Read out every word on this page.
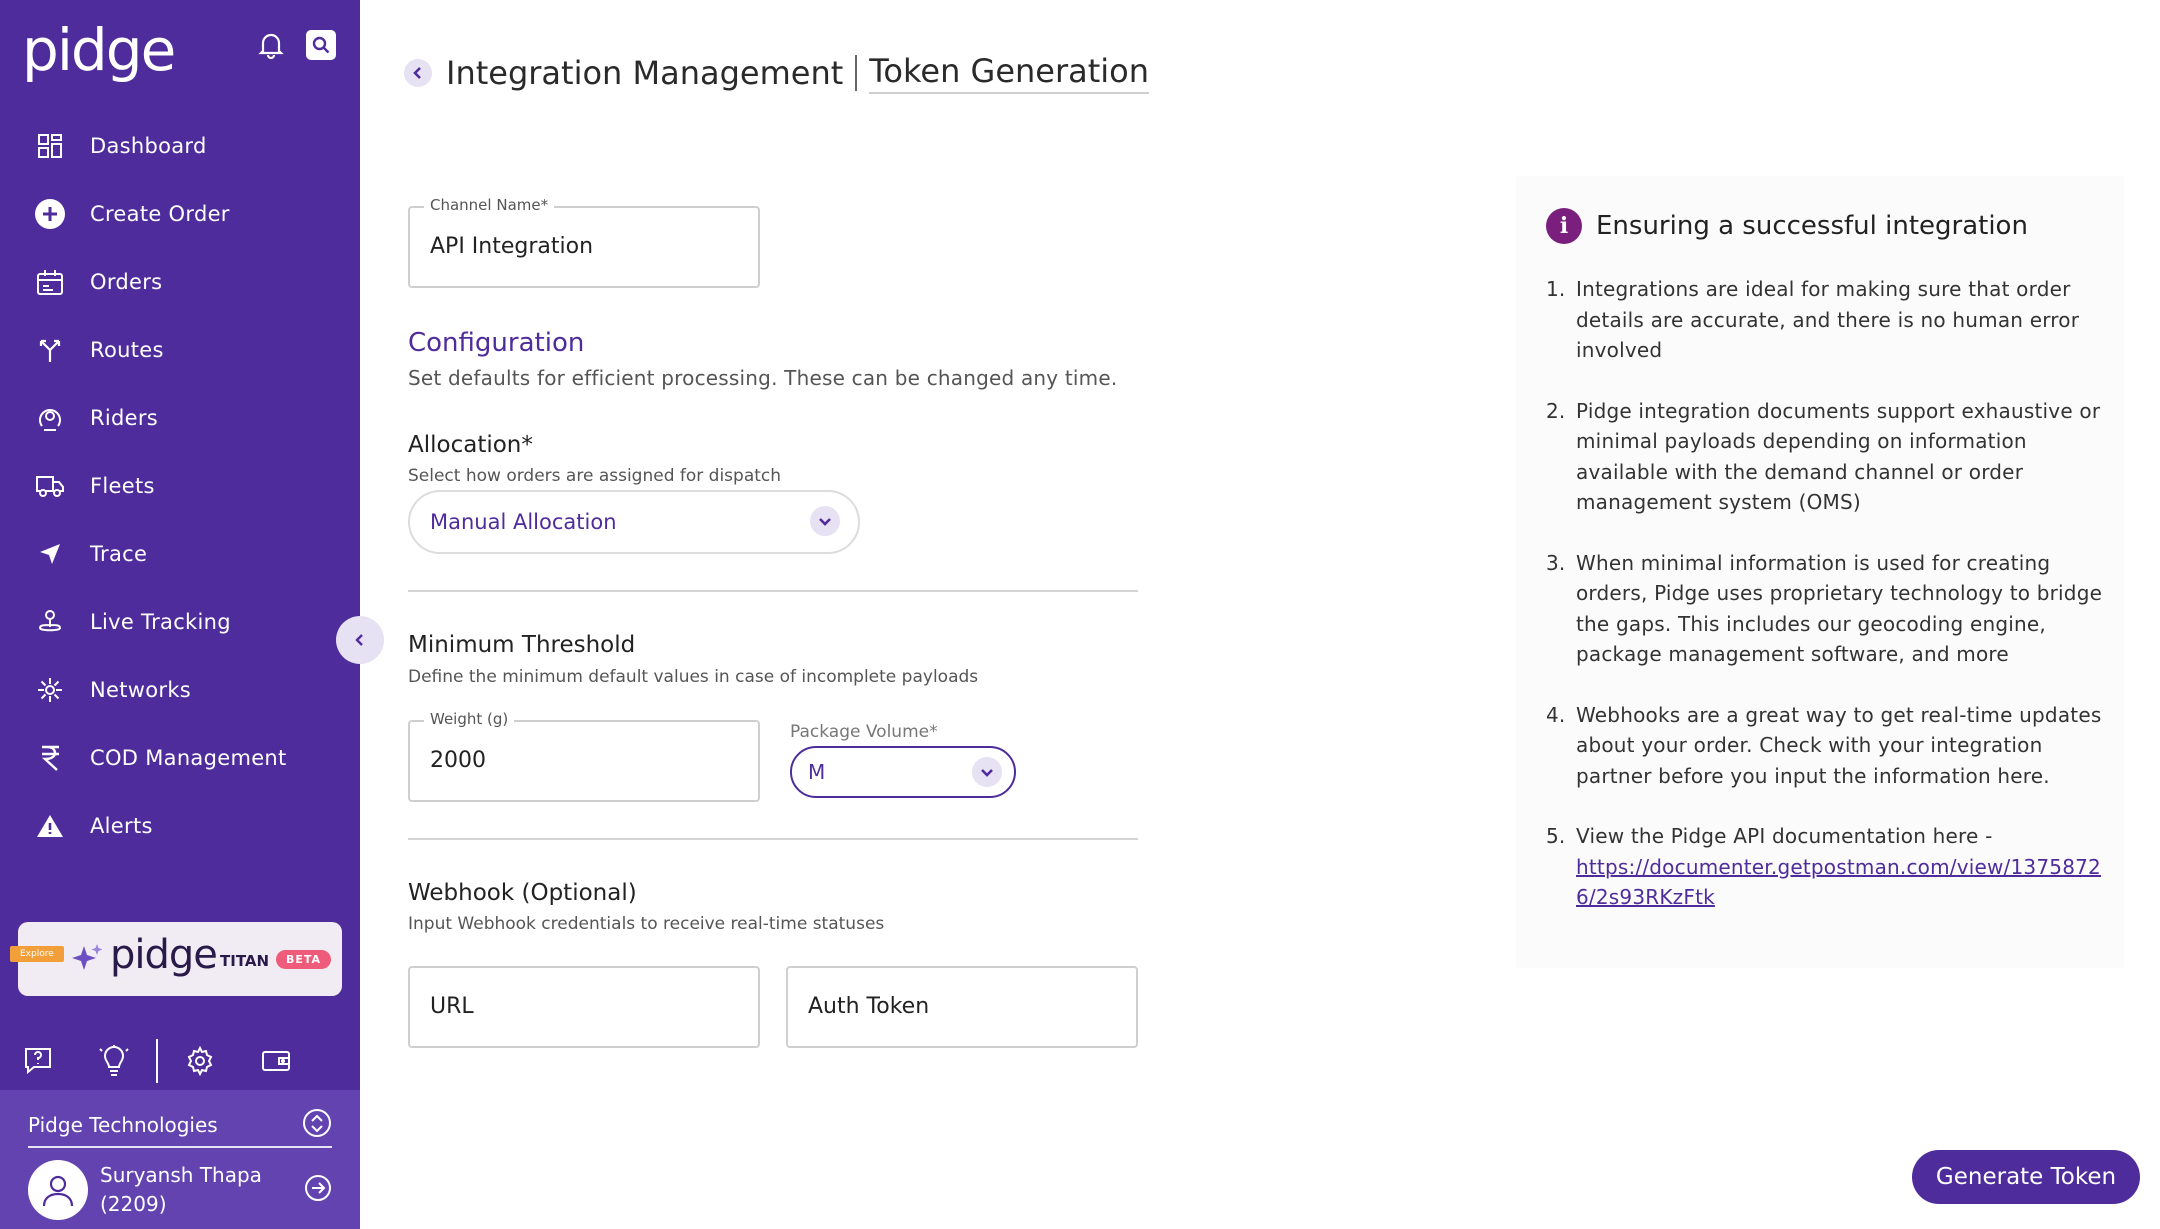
pidge
Dashboard
Create Order
Orders
Routes
Riders
Fleets
Trace
Live Tracking
Networks
COD Management
Alerts
Explore pidge TITAN	BETA
Pidge Technologies
Suryansh Thapa
(2209)
Integration Management Token Generation
Channel Name*
API Integration
Configuration
Set defaults for efficient processing. These can be changed any time.
Allocation*
Select how orders are assigned for dispatch
Manual Allocation
Minimum Threshold
Define the minimum default values in case of incomplete payloads
Weight (g)
2000
Package Volume*
M
Webhook (Optional)
Input Webhook credentials to receive real-time statuses
URL	Auth Token
i	Ensuring a successful integration
1. Integrations are ideal for making sure that order details are accurate, and there is no human error involved
2. Pidge integration documents support exhaustive or minimal payloads depending on information available with the demand channel or order management system (OMS)
3. When minimal information is used for creating orders, Pidge uses proprietary technology to bridge the gaps. This includes our geocoding engine, package management software, and more
4. Webhooks are a great way to get real-time updates about your order. Check with your integration partner before you input the information here.
5. View the Pidge API documentation here -
https://documenter.getpostman.com/view/13758726/2s93RKzFtk
Generate Token
